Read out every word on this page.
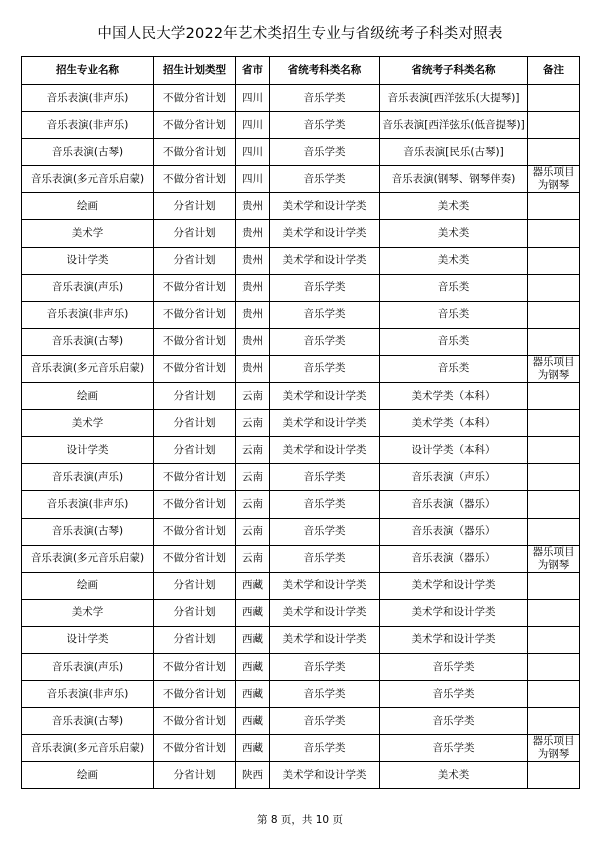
中国人民大学2022年艺术类招生专业与省级统考子科类对照表
招生专业名称	招生计划类型	省市	省统考科类名称	省统考子科类名称	备注
音乐表演(非声乐)	不做分省计划	四川	音乐学类	音乐表演[西洋弦乐(大提琴)]	
音乐表演(非声乐)	不做分省计划	四川	音乐学类	音乐表演[西洋弦乐(低音提琴)]	
音乐表演(古琴)	不做分省计划	四川	音乐学类	音乐表演[民乐(古琴)]	
音乐表演(多元音乐启蒙)	不做分省计划	四川	音乐学类	音乐表演(钢琴、钢琴伴奏)	器乐项目为钢琴
绘画	分省计划	贵州	美术学和设计学类	美术类	
美术学	分省计划	贵州	美术学和设计学类	美术类	
设计学类	分省计划	贵州	美术学和设计学类	美术类	
音乐表演(声乐)	不做分省计划	贵州	音乐学类	音乐类	
音乐表演(非声乐)	不做分省计划	贵州	音乐学类	音乐类	
音乐表演(古琴)	不做分省计划	贵州	音乐学类	音乐类	
音乐表演(多元音乐启蒙)	不做分省计划	贵州	音乐学类	音乐类	器乐项目为钢琴
绘画	分省计划	云南	美术学和设计学类	美术学类（本科）	
美术学	分省计划	云南	美术学和设计学类	美术学类（本科）	
设计学类	分省计划	云南	美术学和设计学类	设计学类（本科）	
音乐表演(声乐)	不做分省计划	云南	音乐学类	音乐表演（声乐）	
音乐表演(非声乐)	不做分省计划	云南	音乐学类	音乐表演（器乐）	
音乐表演(古琴)	不做分省计划	云南	音乐学类	音乐表演（器乐）	
音乐表演(多元音乐启蒙)	不做分省计划	云南	音乐学类	音乐表演（器乐）	器乐项目为钢琴
绘画	分省计划	西藏	美术学和设计学类	美术学和设计学类	
美术学	分省计划	西藏	美术学和设计学类	美术学和设计学类	
设计学类	分省计划	西藏	美术学和设计学类	美术学和设计学类	
音乐表演(声乐)	不做分省计划	西藏	音乐学类	音乐学类	
音乐表演(非声乐)	不做分省计划	西藏	音乐学类	音乐学类	
音乐表演(古琴)	不做分省计划	西藏	音乐学类	音乐学类	
音乐表演(多元音乐启蒙)	不做分省计划	西藏	音乐学类	音乐学类	器乐项目为钢琴
绘画	分省计划	陕西	美术学和设计学类	美术类	
第 8 页，共 10 页
